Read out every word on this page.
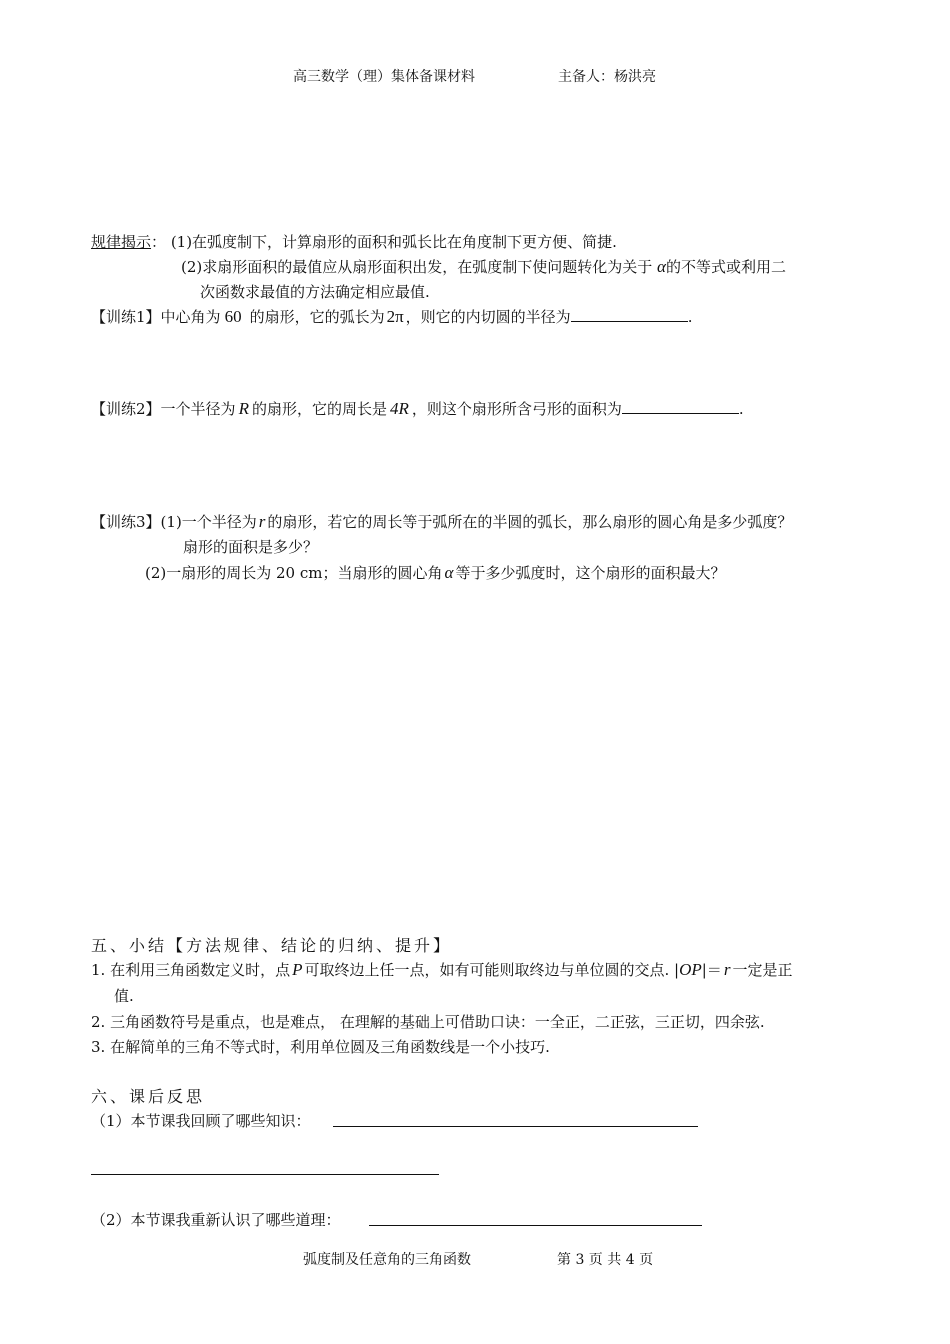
高三数学（理）集体备课材料	主备人：杨洪亮
规律揭示： (1)在弧度制下，计算扇形的面积和弧长比在角度制下更方便、简捷.
(2)求扇形面积的最值应从扇形面积出发，在弧度制下使问题转化为关于 α的不等式或利用二
次函数求最值的方法确定相应最值.
【训练1】中心角为 60 的扇形，它的弧长为 2π ，则它的内切圆的半径为	.
【训练2】一个半径为 R 的扇形，它的周长是 4R ，则这个扇形所含弓形的面积为	.
【训练3】(1)一个半径为 r 的扇形，若它的周长等于弧所在的半圆的弧长，那么扇形的圆心角是多少弧度？
扇形的面积是多少？
(2)一扇形的周长为 20 cm；当扇形的圆心角 α 等于多少弧度时，这个扇形的面积最大？
五、小结【方法规律、结论的归纳、提升】
1. 在利用三角函数定义时，点 P 可取终边上任一点，如有可能则取终边与单位圆的交点. |OP|＝ r 一定是正
值.
2. 三角函数符号是重点，也是难点， 在理解的基础上可借助口诀：一全正，二正弦，三正切，四余弦.
3. 在解简单的三角不等式时，利用单位圆及三角函数线是一个小技巧.
六、课后反思
（1）本节课我回顾了哪些知识：
（2）本节课我重新认识了哪些道理：
弧度制及任意角的三角函数	第 3 页 共 4 页
